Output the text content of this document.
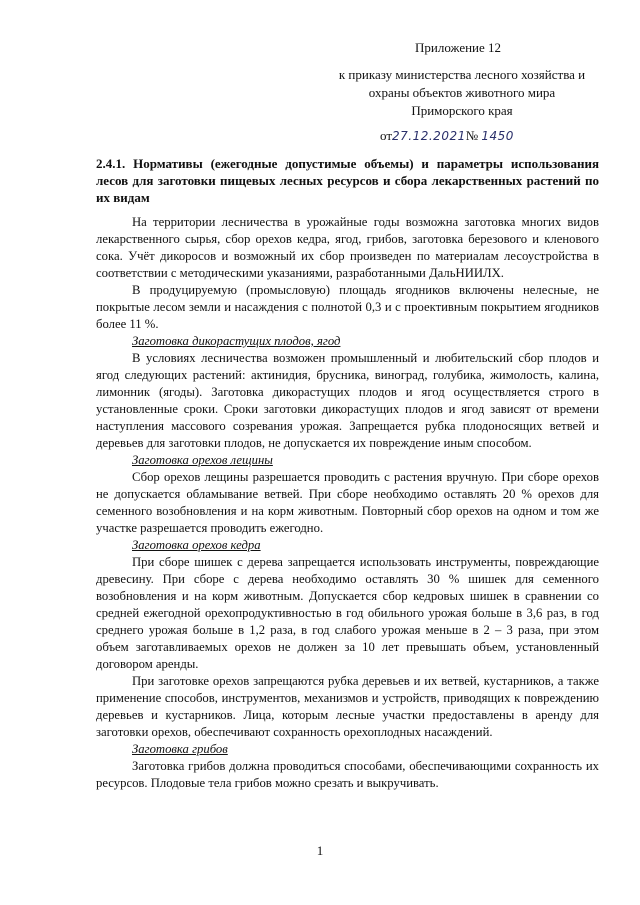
Приложение 12
к приказу министерства лесного хозяйства и
охраны объектов животного мира
Приморского края
от27.12.2021№ 1450
2.4.1. Нормативы (ежегодные допустимые объемы) и параметры использования лесов для заготовки пищевых лесных ресурсов и сбора лекарственных растений по их видам

На территории лесничества в урожайные годы возможна заготовка многих видов лекарственного сырья, сбор орехов кедра, ягод, грибов, заготовка березового и кленового сока. Учёт дикоросов и возможный их сбор произведен по материалам лесоустройства в соответствии с методическими указаниями, разработанными ДальНИИЛХ.

В продуцируемую (промысловую) площадь ягодников включены нелесные, не покрытые лесом земли и насаждения с полнотой 0,3 и с проективным покрытием ягодников более 11 %.

Заготовка дикорастущих плодов, ягод

В условиях лесничества возможен промышленный и любительский сбор плодов и ягод следующих растений: актинидия, брусника, виноград, голубика, жимолость, калина, лимонник (ягоды). Заготовка дикорастущих плодов и ягод осуществляется строго в установленные сроки. Сроки заготовки дикорастущих плодов и ягод зависят от времени наступления массового созревания урожая. Запрещается рубка плодоносящих ветвей и деревьев для заготовки плодов, не допускается их повреждение иным способом.

Заготовка орехов лещины

Сбор орехов лещины разрешается проводить с растения вручную. При сборе орехов не допускается обламывание ветвей. При сборе необходимо оставлять 20 % орехов для семенного возобновления и на корм животным. Повторный сбор орехов на одном и том же участке разрешается проводить ежегодно.

Заготовка орехов кедра

При сборе шишек с дерева запрещается использовать инструменты, повреждающие древесину. При сборе с дерева необходимо оставлять 30 % шишек для семенного возобновления и на корм животным. Допускается сбор кедровых шишек в сравнении со средней ежегодной орехопродуктивностью в год обильного урожая больше в 3,6 раз, в год среднего урожая больше в 1,2 раза, в год слабого урожая меньше в 2 – 3 раза, при этом объем заготавливаемых орехов не должен за 10 лет превышать объем, установленный договором аренды.

При заготовке орехов запрещаются рубка деревьев и их ветвей, кустарников, а также применение способов, инструментов, механизмов и устройств, приводящих к повреждению деревьев и кустарников. Лица, которым лесные участки предоставлены в аренду для заготовки орехов, обеспечивают сохранность орехоплодных насаждений.

Заготовка грибов

Заготовка грибов должна проводиться способами, обеспечивающими сохранность их ресурсов. Плодовые тела грибов можно срезать и выкручивать.

1
